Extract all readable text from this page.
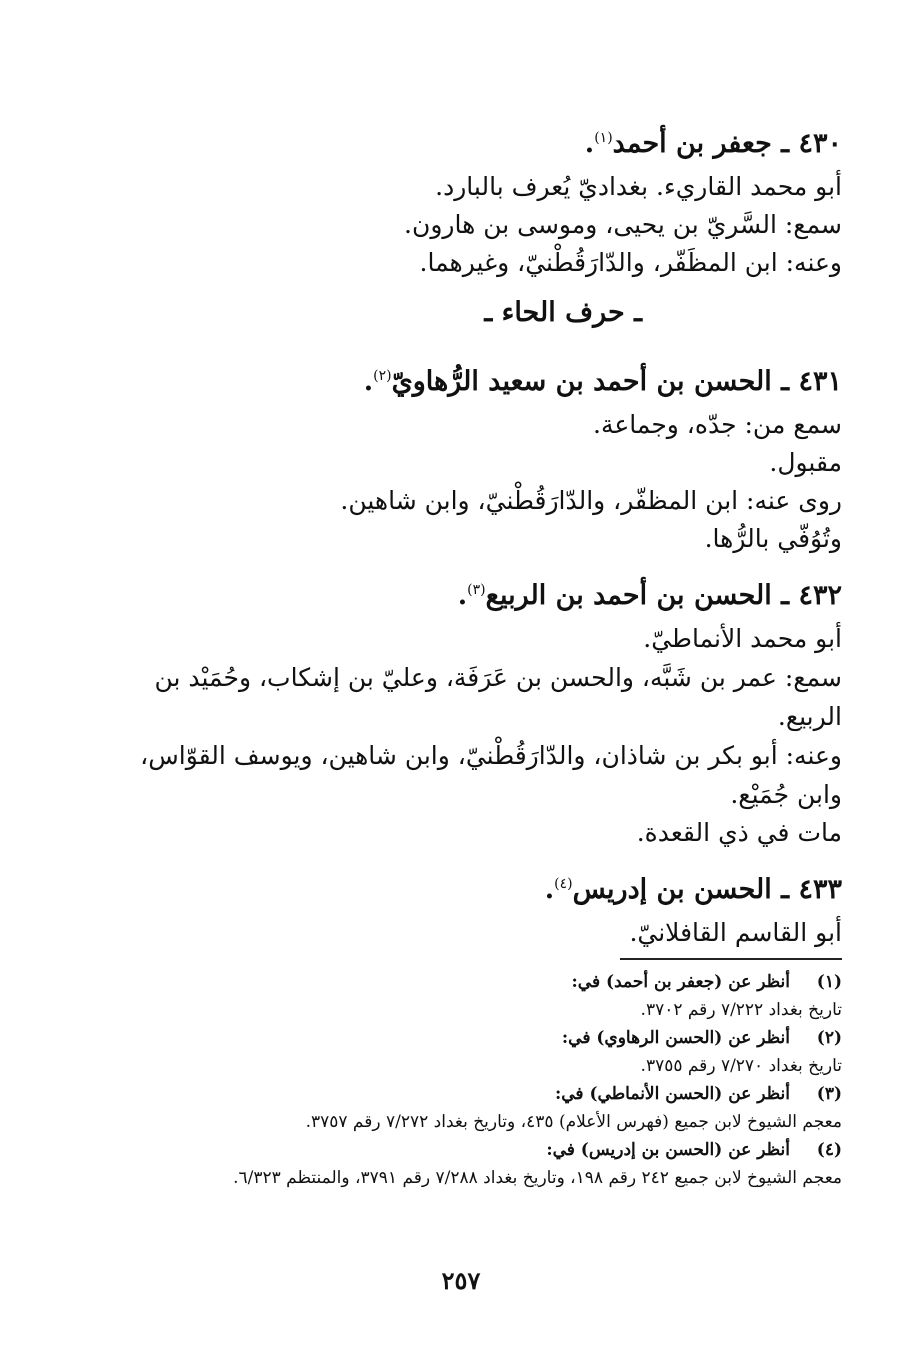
٤٣٠ ـ جعفر بن أحمد$^{(١)}$.
أبو محمد القاريء. بغداديّ يُعرف بالبارد.
سمع: السَّريّ بن يحيى، وموسى بن هارون.
وعنه: ابن المظَفّر، والدّارَقُطْنيّ، وغيرهما.
ـ حرف الحاء ـ
٤٣١ ـ الحسن بن أحمد بن سعيد الرُّهاويّ$^{(٢)}$.
سمع من: جدّه، وجماعة.
مقبول.
روى عنه: ابن المظفّر، والدّارَقُطْنيّ، وابن شاهين.
وتُوُفّي بالرُّها.
٤٣٢ ـ الحسن بن أحمد بن الربيع$^{(٣)}$.
أبو محمد الأنماطيّ.
سمع: عمر بن شَبَّه، والحسن بن عَرَفَة، وعليّ بن إشكاب، وحُمَيْد بن
الربيع.
وعنه: أبو بكر بن شاذان، والدّارَقُطْنيّ، وابن شاهين، ويوسف القوّاس،
وابن جُمَيْع.
مات في ذي القعدة.
٤٣٣ ـ الحسن بن إدريس$^{(٤)}$.
أبو القاسم القافلانيّ.
(١)
أنظر عن (جعفر بن أحمد) في:
تاريخ بغداد ٧/٢٢٢ رقم ٣٧٠٢.
(٢)
أنظر عن (الحسن الرهاوي) في:
تاريخ بغداد ٧/٢٧٠ رقم ٣٧٥٥.
(٣)
أنظر عن (الحسن الأنماطي) في:
معجم الشيوخ لابن جميع (فهرس الأعلام) ٤٣٥، وتاريخ بغداد ٧/٢٧٢ رقم ٣٧٥٧.
(٤)
أنظر عن (الحسن بن إدريس) في:
معجم الشيوخ لابن جميع ٢٤٢ رقم ١٩٨، وتاريخ بغداد ٧/٢٨٨ رقم ٣٧٩١، والمنتظم ٦/٣٢٣.
٢٥٧
